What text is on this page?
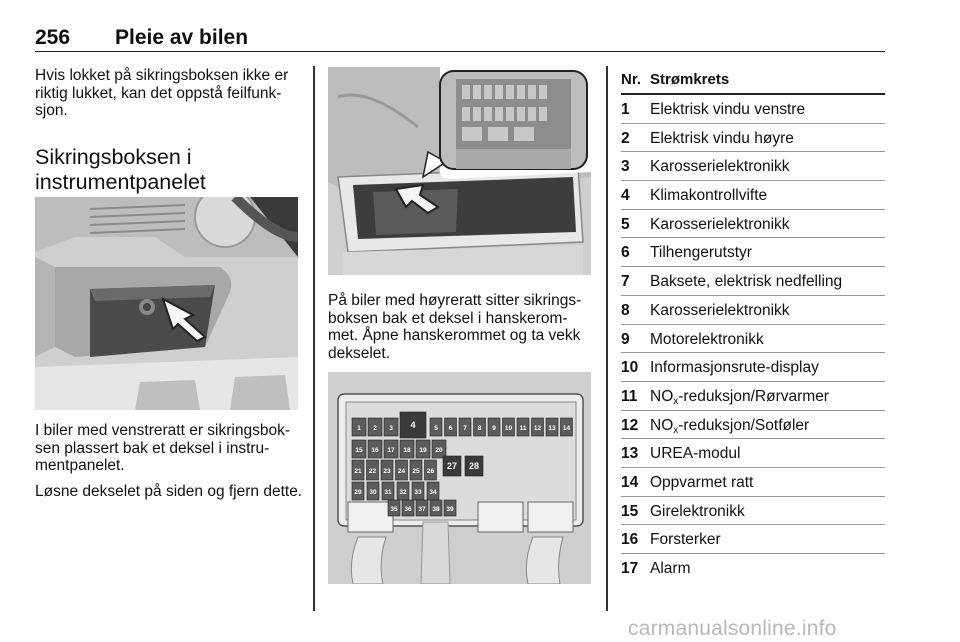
256 Pleie av bilen

Hvis lokket på sikringsboksen ikke er riktig lukket, kan det oppstå feilfunk-sjon.

Sikringsboksen i instrumentpanelet

I biler med venstreratt er sikringsbok-sen plassert bak et deksel i instru-mentpanelet.

Løsne dekselet på siden og fjern dette.

På biler med høyreratt sitter sikrings-boksen bak et deksel i hanskerom-met. Åpne hanskerommet og ta vekk dekselet.

1 2 3 4	5 6 7 8 9 10 11 12 13 14
15 16 17 18 19 20
21 22 23 24 25 26
27 28
29 30 31 32 33 34
35 36 37 38 39
Nr. Strømkrets
1 Elektrisk vindu venstre
2 Elektrisk vindu høyre
3 Karosserielektronikk
4 Klimakontrollvifte
5 Karosserielektronikk
6 Tilhengerutstyr
7 Baksete, elektrisk nedfelling
8 Karosserielektronikk
9 Motorelektronikk
10 Informasjonsrute-display
11 $NO_x-reduksjon$/Rørvarmer
12 $NO_x-reduksjon$/Sotføler
13 UREA-modul
14 Oppvarmet ratt
15 Girelektronikk
16 Forsterker
17 Alarm
carmanualsonline.info
